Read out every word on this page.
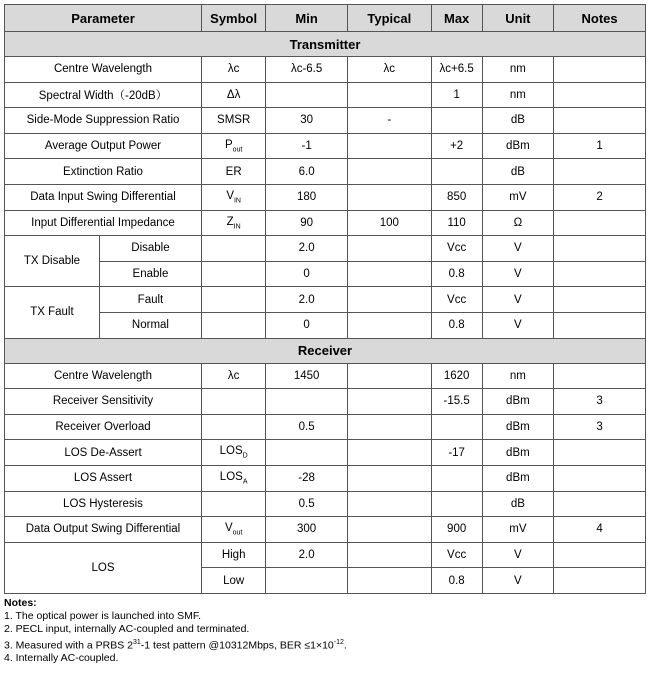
Parameter		Symbol	Min	Typical	Max	Unit	Notes
Transmitter							
Centre Wavelength		λc	λc-6.5	λc	λc+6.5	nm	
Spectral Width（-20dB）		Δλ			1	nm	
Side-Mode Suppression Ratio		SMSR	30	-		dB	
Average Output Power		$P_{out}$	-1		+2	dBm	1
Extinction Ratio		ER	6.0			dB	
Data Input Swing Differential		$V_{IN}$	180		850	mV	2
Input Differential Impedance		$Z_{IN}$	90	100	110	Ω	
TX Disable	Disable		2.0		Vcc	V	
	Enable		0		0.8	V	
TX Fault	Fault		2.0		Vcc	V	
	Normal		0		0.8	V	
Receiver							
Centre Wavelength		λc	1450		1620	nm	
Receiver Sensitivity					-15.5	dBm	3
Receiver Overload			0.5			dBm	3
LOS De-Assert		$LOS_D$			-17	dBm	
LOS Assert		$LOS_A$	-28			dBm	
LOS Hysteresis			0.5			dB	
Data Output Swing Differential		$V_{out}$	300		900	mV	4
LOS		High	2.0		Vcc	V	
		Low			0.8	V	
Notes:
1. The optical power is launched into SMF.
2. PECL input, internally AC-coupled and terminated.
3. Measured with a PRBS $2^{31}-1$ test pattern @10312Mbps, BER $\le 1\times 10^{-12}$.
4. Internally AC-coupled.
